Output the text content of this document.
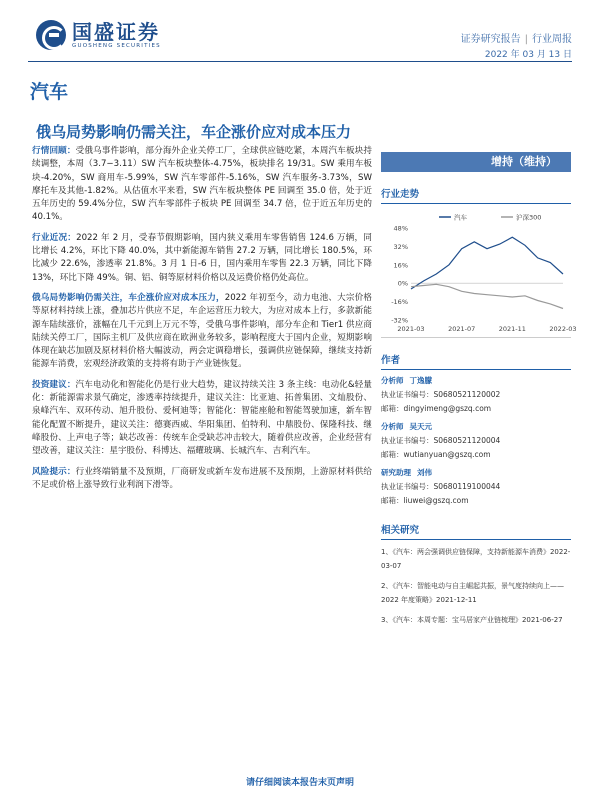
国盛证券
GUOSHENG SECURITIES
证券研究报告 | 行业周报
2022 年 03 月 13 日
汽车
俄乌局势影响仍需关注，车企涨价应对成本压力

行情回顾：受俄乌事件影响，部分海外企业关停工厂，全球供应链吃紧，本周汽车板块持续调整，本周（3.7−3.11）SW 汽车板块整体-4.75%，板块排名 19/31。SW 乘用车板块-4.20%，SW 商用车-5.99%，SW 汽车零部件-5.16%，SW 汽车服务-3.73%，SW 摩托车及其他-1.82%。从估值水平来看，SW 汽车板块整体 PE 回调至 35.0 倍，处于近五年历史的 59.4%分位，SW 汽车零部件子板块 PE 回调至 34.7 倍，位于近五年历史的 40.1%。

行业近况：2022 年 2 月，受春节假期影响，国内狭义乘用车零售销售 124.6 万辆，同比增长 4.2%，环比下降 40.0%，其中新能源车销售 27.2 万辆，同比增长 180.5%，环比减少 22.6%，渗透率 21.8%。3 月 1 日-6 日，国内乘用车零售 22.3 万辆，同比下降 13%，环比下降 49%。铜、铝、铜等原材料价格以及运费价格仍处高位。

俄乌局势影响仍需关注，车企涨价应对成本压力，2022 年初至今，动力电池、大宗价格等原材料持续上涨，叠加芯片供应不足，车企运营压力较大，为应对成本上行，多款新能源车陆续涨价，涨幅在几千元到上万元不等，受俄乌事件影响，部分车企和 Tier1 供应商陆续关停工厂，国际主机厂及供应商在欧洲业务较多，影响程度大于国内企业，短期影响体现在缺芯加剧及原材料价格大幅波动，两会定调稳增长，强调供应链保障，继续支持新能源车消费，宏观经济政策的支持将有助于产业链恢复。

投资建议：汽车电动化和智能化仍是行业大趋势，建议持续关注 3 条主线：电动化&轻量化：新能源需求景气确定，渗透率持续提升，建议关注：比亚迪、拓普集团、文灿股份、泉峰汽车、双环传动、旭升股份、爱柯迪等；智能化：智能座舱和智能驾驶加速，新车智能化配置不断提升，建议关注：德赛西威、华阳集团、伯特利、中鼎股份、保隆科技、继峰股份、上声电子等；缺芯改善：传统车企受缺芯冲击较大，随着供应改善，企业经营有望改善，建议关注：星宇股份、科博达、福耀玻璃、长城汽车、吉利汽车。

风险提示：行业终端销量不及预期，厂商研发或新车发布进展不及预期，上游原材料供给不足或价格上涨导致行业利润下滑等。

增持（维持）
行业走势
48%
32%
16%
0%
-16%
-32%
2021-03	2021-07	2021-11	2022-03
汽车	沪深300
作者
分析师 丁逸朦
执业证书编号：S0680521120002
邮箱：dingyimeng@gszq.com
分析师 吴天元
执业证书编号：S0680521120004
邮箱：wutianyuan@gszq.com
研究助理 刘伟
执业证书编号：S0680119100044
邮箱：liuwei@gszq.com
相关研究
1、《汽车：两会强调供应链保障，支持新能源车消费》2022-03-07
2、《汽车：智能电动与自主崛起共振，景气度持续向上——2022 年度策略》2021-12-11
3、《汽车：本周专题：宝马居家产业链梳理》2021-06-27
请仔细阅读本报告末页声明
